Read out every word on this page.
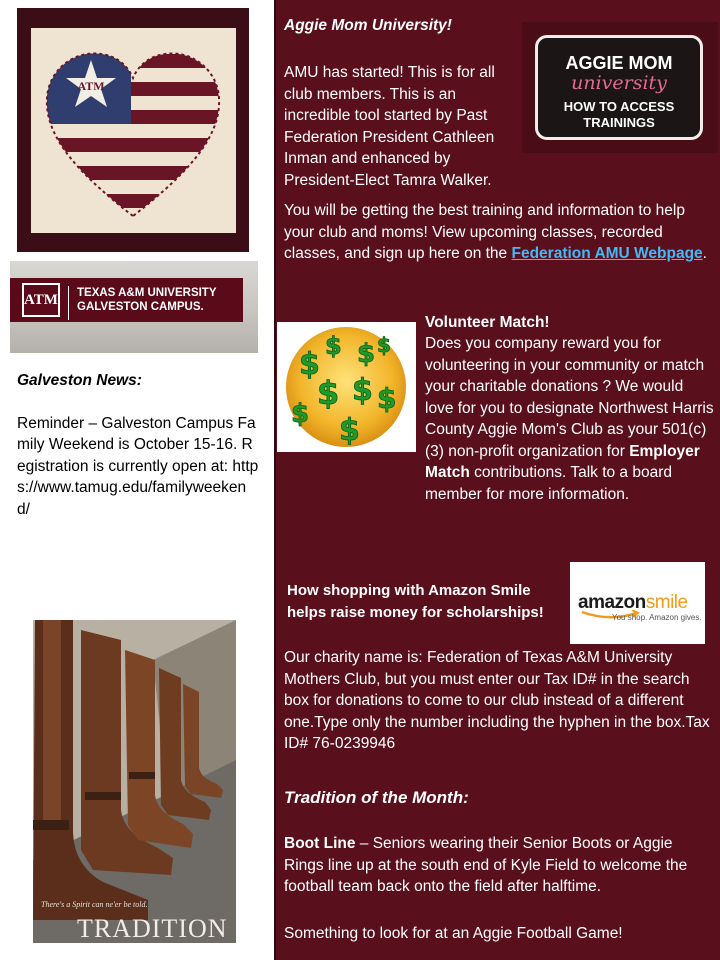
ATM
ATM	TEXAS A&M UNIVERSITY
GALVESTON CAMPUS.
Galveston News:
Reminder – Galveston Campus Family Weekend is October 15-16. Registration is currently open at: https://www.tamug.edu/familyweekend/
There's a Spirit can ne'er be told.
TRADITION
Aggie Mom University!
AMU has started! This is for all club members. This is an incredible tool started by Past Federation President Cathleen Inman and enhanced by President-Elect Tamra Walker.
You will be getting the best training and information to help your club and moms! View upcoming classes, recorded classes, and sign up here on the Federation AMU Webpage.
AGGIE MOM
university
HOW TO ACCESS TRAININGS
$
$ $ $
$ $ $
$ $
Volunteer Match!
Does you company reward you for volunteering in your community or match your charitable donations ? We would love for you to designate Northwest Harris County Aggie Mom's Club as your 501(c)(3) non-profit organization for Employer Match contributions. Talk to a board member for more information.
How shopping with Amazon Smile helps raise money for scholarships!	amazonsmile
You shop. Amazon gives.
Our charity name is: Federation of Texas A&M University Mothers Club, but you must enter our Tax ID# in the search box for donations to come to our club instead of a different one.Type only the number including the hyphen in the box.Tax ID# 76-0239946
Tradition of the Month:
Boot Line – Seniors wearing their Senior Boots or Aggie Rings line up at the south end of Kyle Field to welcome the football team back onto the field after halftime.
Something to look for at an Aggie Football Game!
